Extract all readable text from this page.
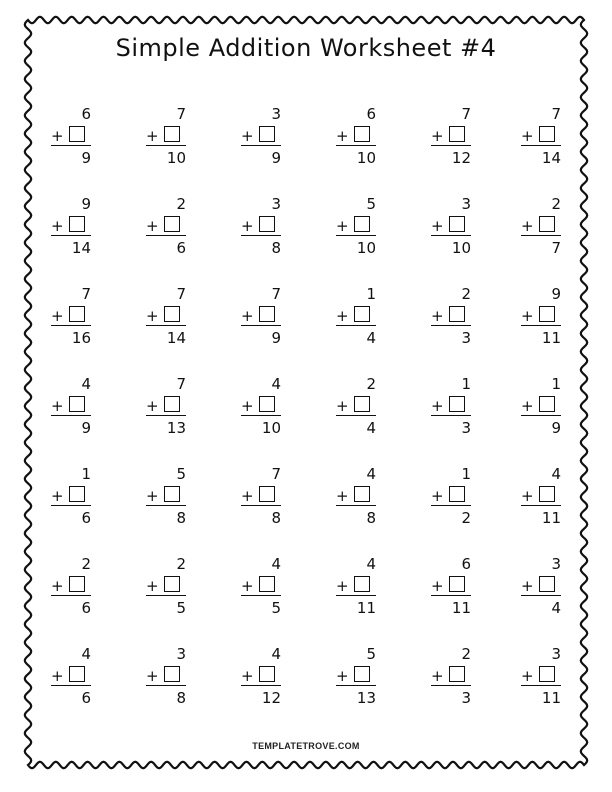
Simple Addition Worksheet #4
6
+
9
7
+
10
3
+
9
6
+
10
7
+
12
7
+
14
9
+
14
2
+
6
3
+
8
5
+
10
3
+
10
2
+
7
7
+
16
7
+
14
7
+
9
1
+
4
2
+
3
9
+
11
4
+
9
7
+
13
4
+
10
2
+
4
1
+
3
1
+
9
1
+
6
5
+
8
7
+
8
4
+
8
1
+
2
4
+
11
2
+
6
2
+
5
4
+
5
4
+
11
6
+
11
3
+
4
4
+
6
3
+
8
4
+
12
5
+
13
2
+
3
3
+
11
TEMPLATETROVE.COM
